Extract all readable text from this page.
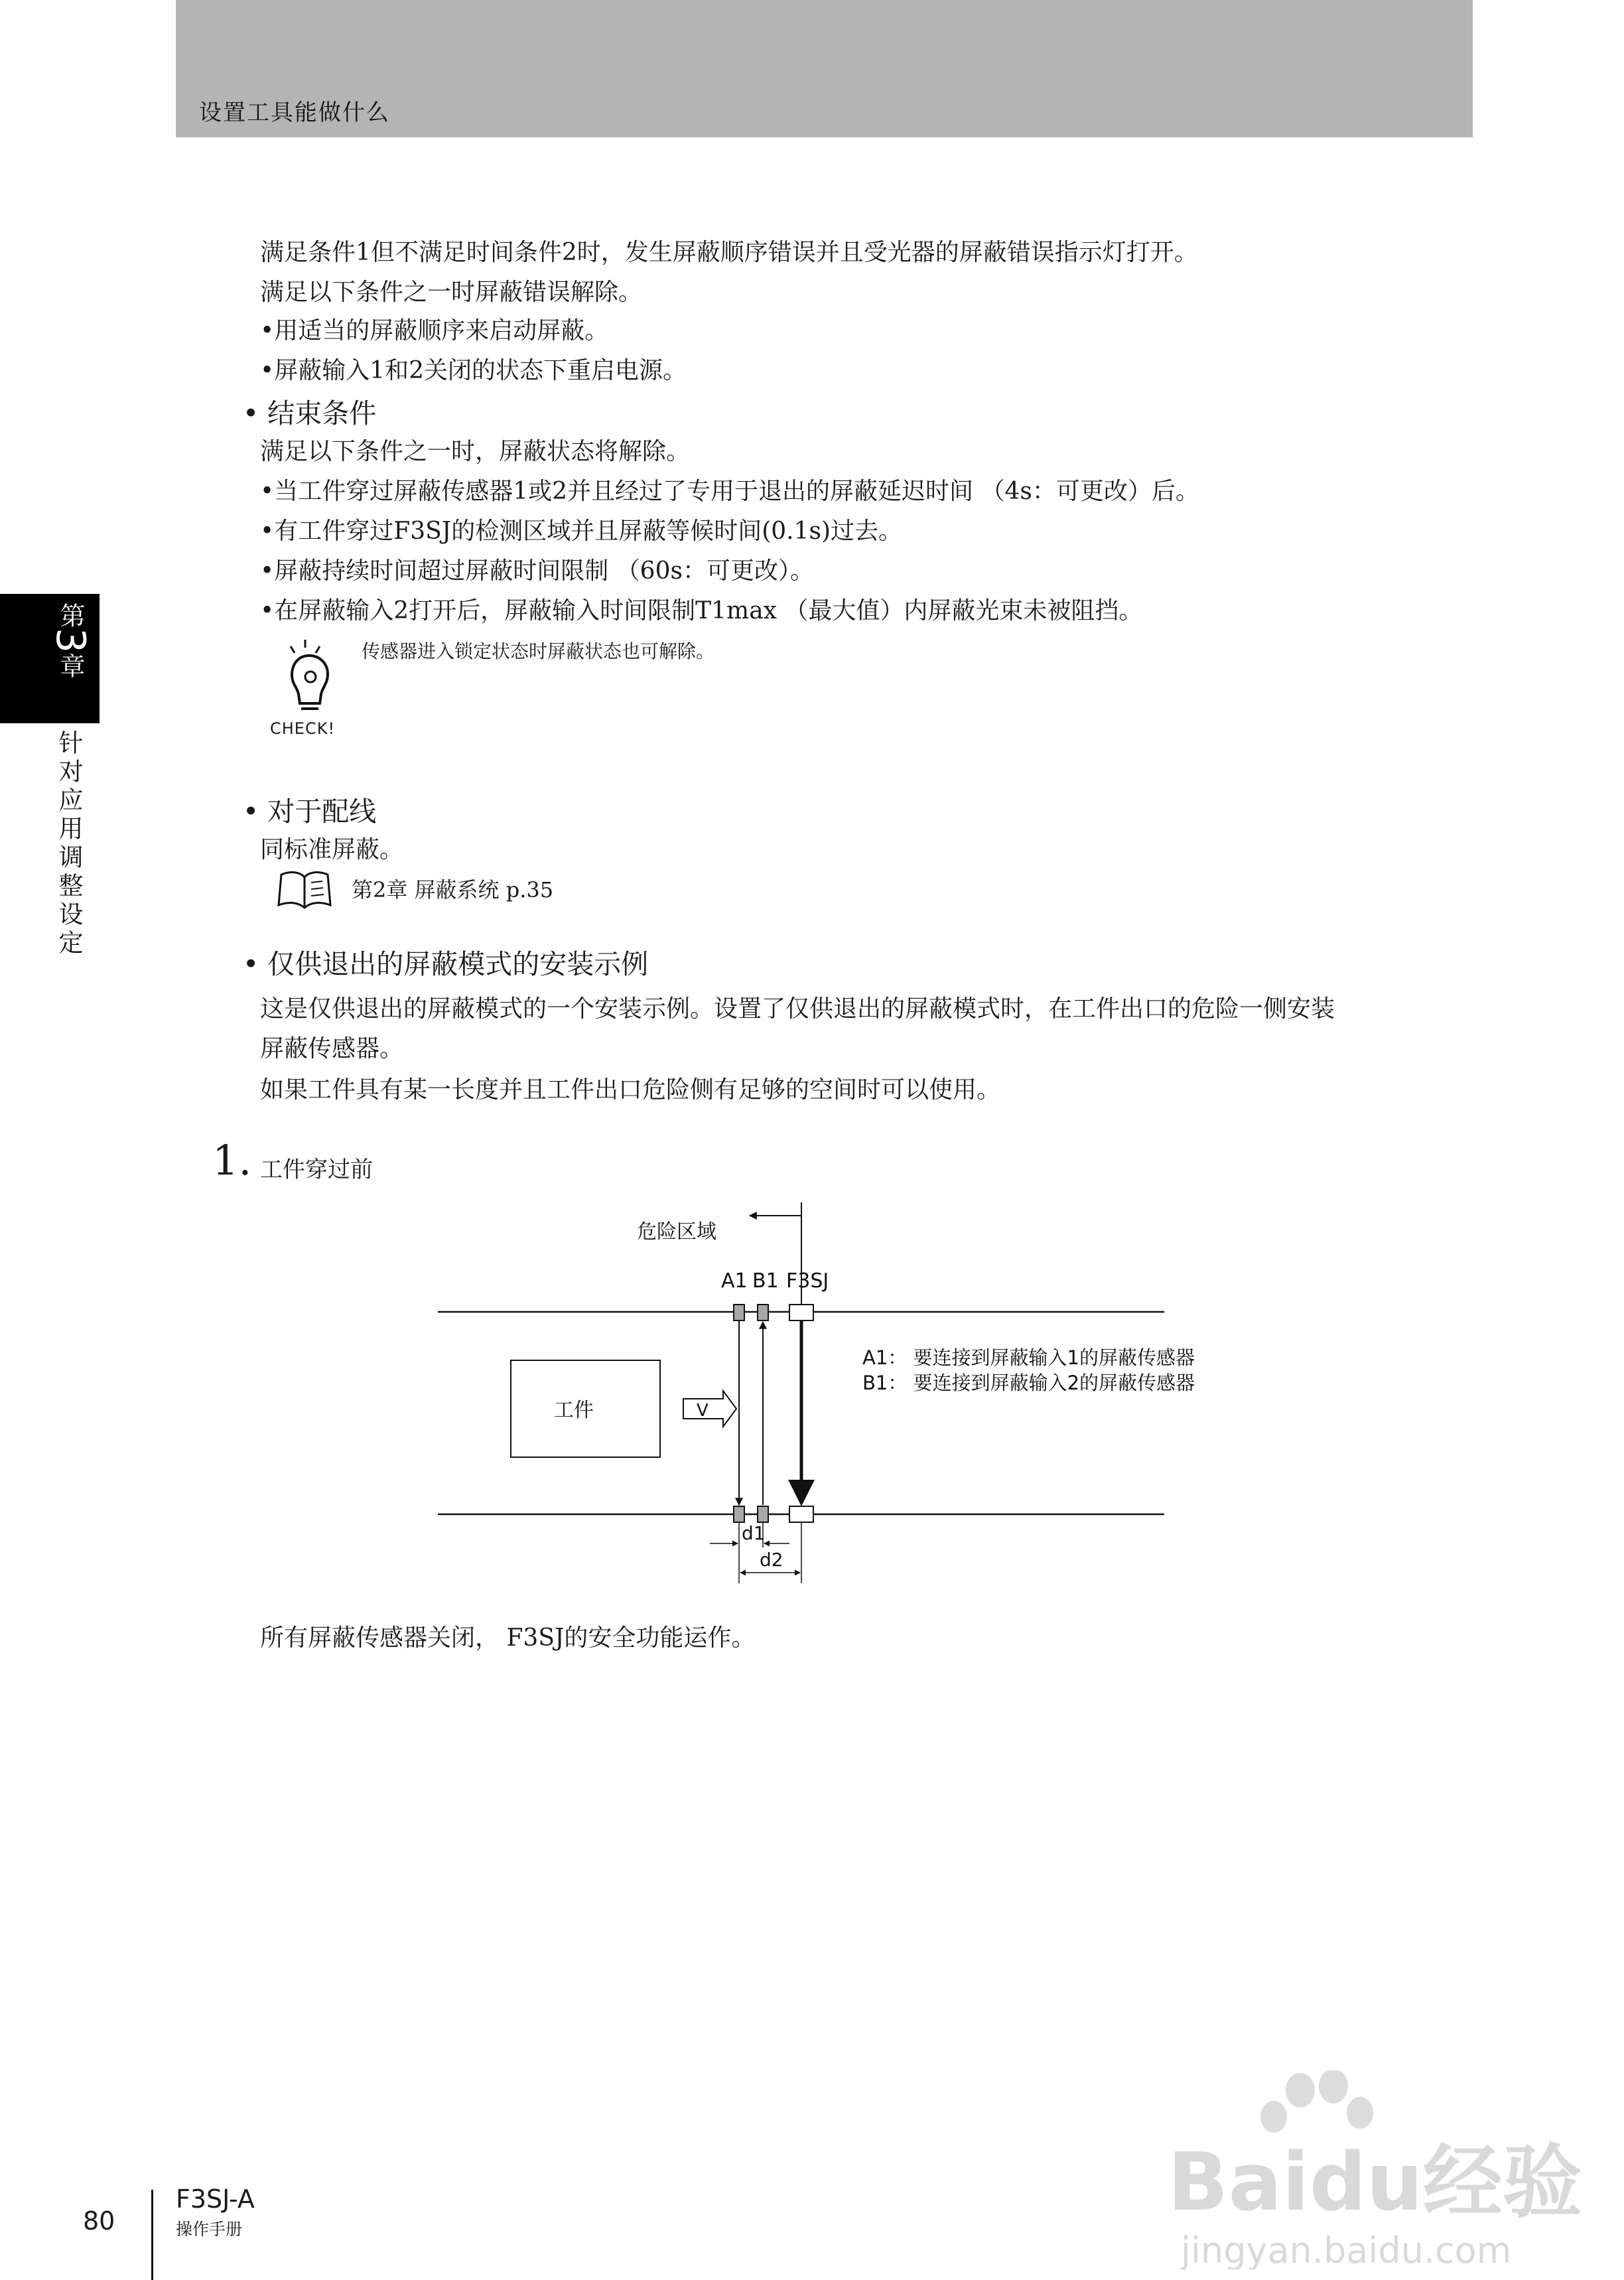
设置工具能做什么
第3章
针对应用调整设定
满足条件1但不满足时间条件2时，发生屏蔽顺序错误并且受光器的屏蔽错误指示灯打开。
满足以下条件之一时屏蔽错误解除。
•用适当的屏蔽顺序来启动屏蔽。
•屏蔽输入1和2关闭的状态下重启电源。
• 结束条件
满足以下条件之一时，屏蔽状态将解除。
•当工件穿过屏蔽传感器1或2并且经过了专用于退出的屏蔽延迟时间 （4s：可更改）后。
•有工件穿过F3SJ的检测区域并且屏蔽等候时间(0.1s)过去。
•屏蔽持续时间超过屏蔽时间限制 （60s：可更改）。
•在屏蔽输入2打开后，屏蔽输入时间限制T1max （最大值）内屏蔽光束未被阻挡。
CHECK!
传感器进入锁定状态时屏蔽状态也可解除。
• 对于配线
同标准屏蔽。
第2章 屏蔽系统 p.35
• 仅供退出的屏蔽模式的安装示例
这是仅供退出的屏蔽模式的一个安装示例。设置了仅供退出的屏蔽模式时，在工件出口的危险一侧安装
屏蔽传感器。
如果工件具有某一长度并且工件出口危险侧有足够的空间时可以使用。
1. 工件穿过前
危险区域
A1 B1 F3SJ
工件	V
A1： 要连接到屏蔽输入1的屏蔽传感器
B1： 要连接到屏蔽输入2的屏蔽传感器
d1
d2
所有屏蔽传感器关闭， F3SJ的安全功能运作。
80
F3SJ-A
操作手册
Baidu经验
jingyan.baidu.com
